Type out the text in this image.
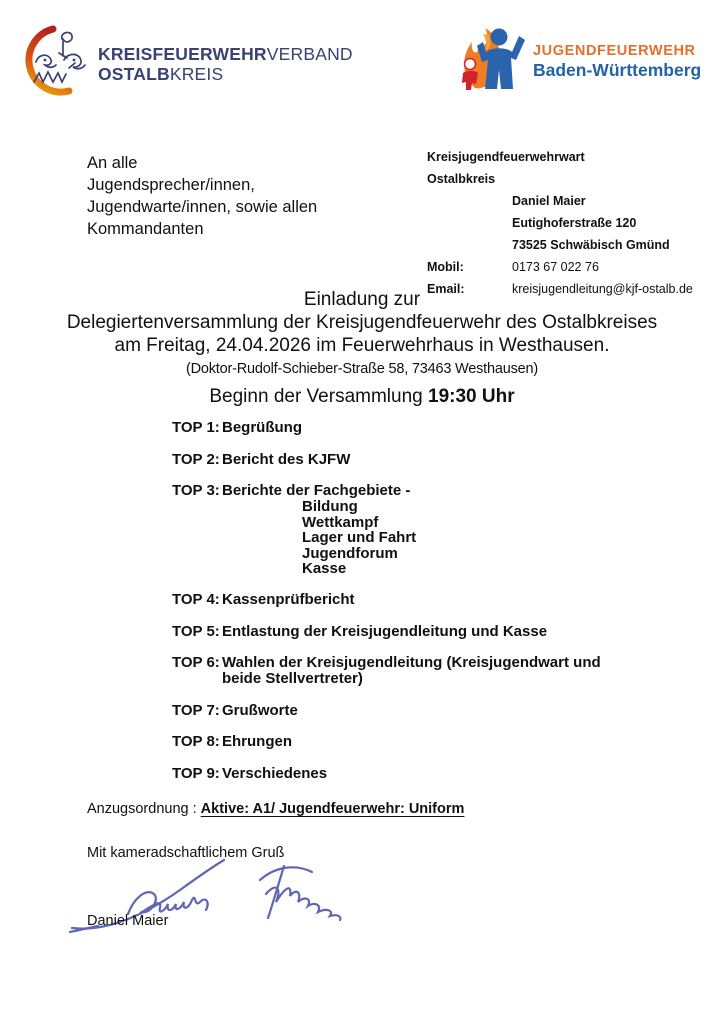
KREISFEUERWEHRVERBAND
OSTALBKREIS
JUGENDFEUERWEHR
Baden-Württemberg
An alle
Jugendsprecher/innen,
Jugendwarte/innen, sowie allen
Kommandanten
Kreisjugendfeuerwehrwart
Ostalbkreis
Daniel Maier
Eutighoferstraße 120
73525 Schwäbisch Gmünd
Mobil:	0173 67 022 76
Email:	kreisjugendleitung@kjf-ostalb.de
Einladung zur
Delegiertenversammlung der Kreisjugendfeuerwehr des Ostalbkreises
am Freitag, 24.04.2026 im Feuerwehrhaus in Westhausen.
(Doktor-Rudolf-Schieber-Straße 58, 73463 Westhausen)
Beginn der Versammlung 19:30 Uhr
TOP 1: Begrüßung
TOP 2: Bericht des KJFW
TOP 3: Berichte der Fachgebiete -
Bildung
Wettkampf
Lager und Fahrt
Jugendforum
Kasse
TOP 4: Kassenprüfbericht
TOP 5: Entlastung der Kreisjugendleitung und Kasse
TOP 6: Wahlen der Kreisjugendleitung (Kreisjugendwart und
beide Stellvertreter)
TOP 7: Grußworte
TOP 8: Ehrungen
TOP 9: Verschiedenes
Anzugsordnung : Aktive: A1/ Jugendfeuerwehr: Uniform
Mit kameradschaftlichem Gruß
Daniel Maier
